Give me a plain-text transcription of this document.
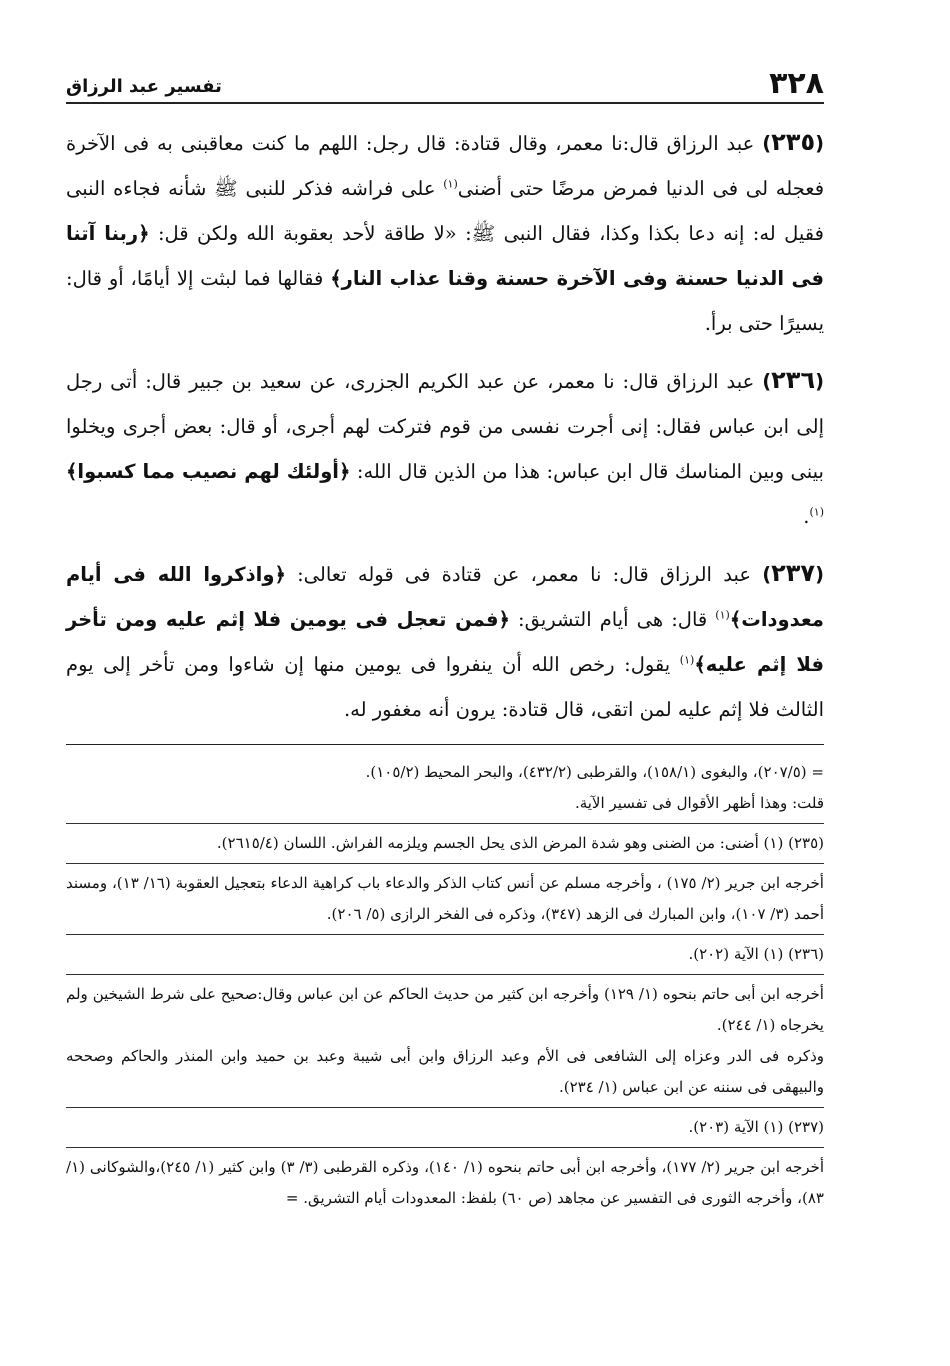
٣٢٨
تفسير عبد الرزاق

(٢٣٥) عبد الرزاق قال:نا معمر، وقال قتادة: قال رجل: اللهم ما كنت معاقبنى به فى الآخرة فعجله لى فى الدنيا فمرض مرضًا حتى أضنى$^{(١)}$ على فراشه فذكر للنبى ﷺ شأنه فجاءه النبى فقيل له: إنه دعا بكذا وكذا، فقال النبى ﷺ: «لا طاقة لأحد بعقوبة الله ولكن قل: ﴿ربنا آتنا فى الدنيا حسنة وفى الآخرة حسنة وقنا عذاب النار﴾ فقالها فما لبثت إلا أيامًا، أو قال: يسيرًا حتى برأ.

(٢٣٦) عبد الرزاق قال: نا معمر، عن عبد الكريم الجزرى، عن سعيد بن جبير قال: أتى رجل إلى ابن عباس فقال: إنى أجرت نفسى من قوم فتركت لهم أجرى، أو قال: بعض أجرى ويخلوا بينى وبين المناسك قال ابن عباس: هذا من الذين قال الله: ﴿أولئك لهم نصيب مما كسبوا﴾$^{(١)}$.

(٢٣٧) عبد الرزاق قال: نا معمر، عن قتادة فى قوله تعالى: ﴿واذكروا الله فى أيام معدودات﴾$^{(١)}$ قال: هى أيام التشريق: ﴿فمن تعجل فى يومين فلا إثم عليه ومن تأخر فلا إثم عليه﴾$^{(١)}$ يقول: رخص الله أن ينفروا فى يومين منها إن شاءوا ومن تأخر إلى يوم الثالث فلا إثم عليه لمن اتقى، قال قتادة: يرون أنه مغفور له.

= (٢٠٧/٥)، والبغوى (١٥٨/١)، والقرطبى (٤٣٢/٢)، والبحر المحيط (١٠٥/٢).

قلت: وهذا أظهر الأقوال فى تفسير الآية.

(٢٣٥) (١) أضنى: من الضنى وهو شدة المرض الذى يحل الجسم ويلزمه الفراش. اللسان (٢٦١٥/٤).

أخرجه ابن جرير (٢/ ١٧٥) ، وأخرجه مسلم عن أنس كتاب الذكر والدعاء باب كراهية الدعاء بتعجيل العقوبة (١٦/ ١٣)، ومسند أحمد (٣/ ١٠٧)، وابن المبارك فى الزهد (٣٤٧)، وذكره فى الفخر الرازى (٥/ ٢٠٦).

(٢٣٦) (١) الآية (٢٠٢).

أخرجه ابن أبى حاتم بنحوه (١/ ١٢٩) وأخرجه ابن كثير من حديث الحاكم عن ابن عباس وقال:صحيح على شرط الشيخين ولم يخرجاه (١/ ٢٤٤).

وذكره فى الدر وعزاه إلى الشافعى فى الأم وعبد الرزاق وابن أبى شيبة وعبد بن حميد وابن المنذر والحاكم وصححه والبيهقى فى سننه عن ابن عباس (١/ ٢٣٤).

(٢٣٧) (١) الآية (٢٠٣).

أخرجه ابن جرير (٢/ ١٧٧)، وأخرجه ابن أبى حاتم بنحوه (١/ ١٤٠)، وذكره القرطبى (٣/ ٣) وابن كثير (١/ ٢٤٥)،والشوكانى (١/ ٨٣)، وأخرجه الثورى فى التفسير عن مجاهد (ص ٦٠) بلفظ: المعدودات أيام التشريق. =
